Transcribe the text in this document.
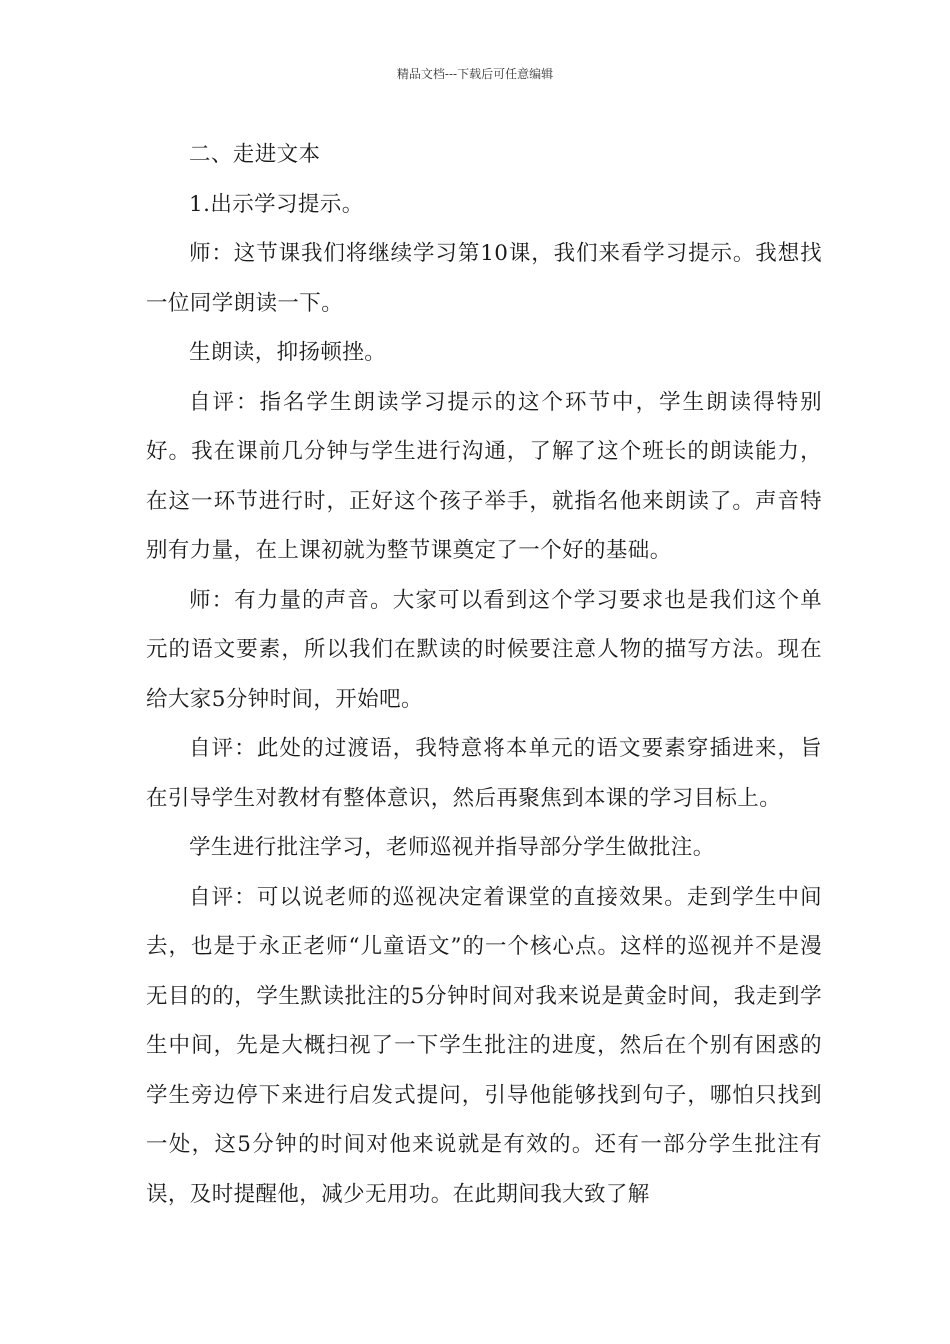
精品文档---下载后可任意编辑

二、走进文本

1.出示学习提示。

师：这节课我们将继续学习第10课，我们来看学习提示。我想找一位同学朗读一下。

生朗读，抑扬顿挫。

自评：指名学生朗读学习提示的这个环节中，学生朗读得特别好。我在课前几分钟与学生进行沟通，了解了这个班长的朗读能力，在这一环节进行时，正好这个孩子举手，就指名他来朗读了。声音特别有力量，在上课初就为整节课奠定了一个好的基础。

师：有力量的声音。大家可以看到这个学习要求也是我们这个单元的语文要素，所以我们在默读的时候要注意人物的描写方法。现在给大家5分钟时间，开始吧。

自评：此处的过渡语，我特意将本单元的语文要素穿插进来，旨在引导学生对教材有整体意识，然后再聚焦到本课的学习目标上。

学生进行批注学习，老师巡视并指导部分学生做批注。

自评：可以说老师的巡视决定着课堂的直接效果。走到学生中间去，也是于永正老师“儿童语文”的一个核心点。这样的巡视并不是漫无目的的，学生默读批注的5分钟时间对我来说是黄金时间，我走到学生中间，先是大概扫视了一下学生批注的进度，然后在个别有困惑的学生旁边停下来进行启发式提问，引导他能够找到句子，哪怕只找到一处，这5分钟的时间对他来说就是有效的。还有一部分学生批注有误，及时提醒他，减少无用功。在此期间我大致了解
